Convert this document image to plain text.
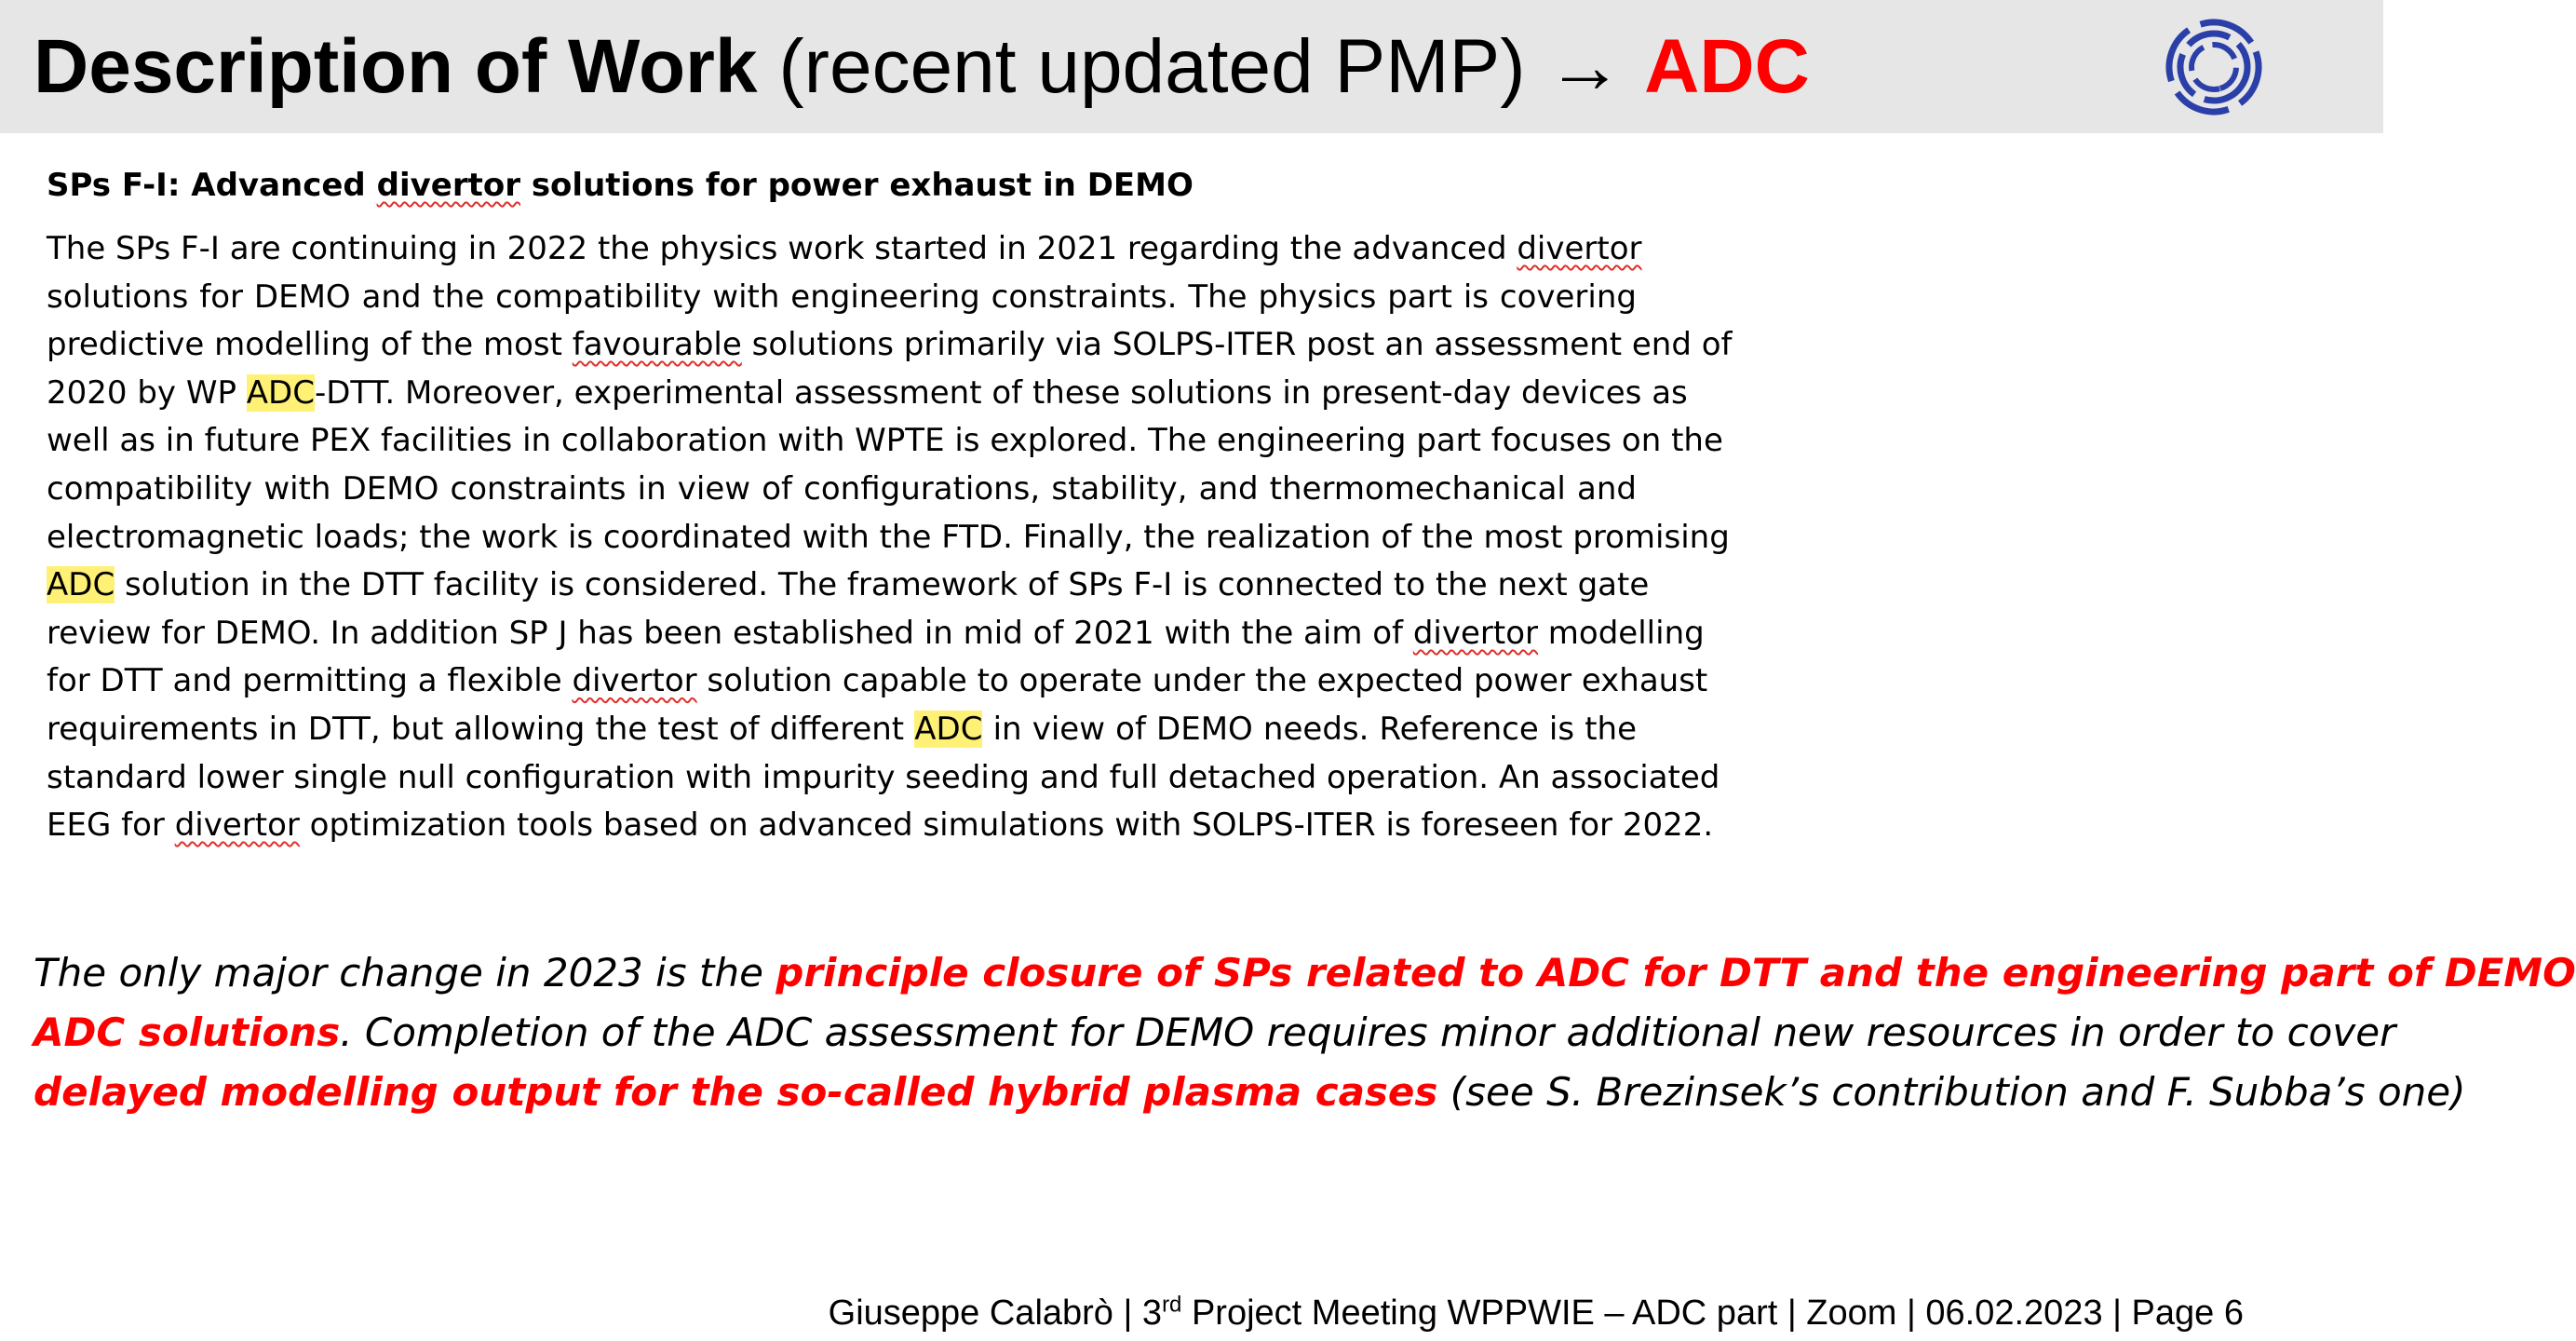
Description of Work (recent updated PMP) → ADC
SPs F-I: Advanced divertor solutions for power exhaust in DEMO
The SPs F-I are continuing in 2022 the physics work started in 2021 regarding the advanced divertor
solutions for DEMO and the compatibility with engineering constraints. The physics part is covering
predictive modelling of the most favourable solutions primarily via SOLPS-ITER post an assessment end of
2020 by WP ADC-DTT. Moreover, experimental assessment of these solutions in present-day devices as
well as in future PEX facilities in collaboration with WPTE is explored. The engineering part focuses on the
compatibility with DEMO constraints in view of configurations, stability, and thermomechanical and
electromagnetic loads; the work is coordinated with the FTD. Finally, the realization of the most promising
ADC solution in the DTT facility is considered. The framework of SPs F-I is connected to the next gate
review for DEMO. In addition SP J has been established in mid of 2021 with the aim of divertor modelling
for DTT and permitting a flexible divertor solution capable to operate under the expected power exhaust
requirements in DTT, but allowing the test of different ADC in view of DEMO needs. Reference is the
standard lower single null configuration with impurity seeding and full detached operation. An associated
EEG for divertor optimization tools based on advanced simulations with SOLPS-ITER is foreseen for 2022.
The only major change in 2023 is the principle closure of SPs related to ADC for DTT and the engineering part of DEMO
ADC solutions. Completion of the ADC assessment for DEMO requires minor additional new resources in order to cover
delayed modelling output for the so-called hybrid plasma cases (see S. Brezinsek’s contribution and F. Subba’s one)
Giuseppe Calabrò | 3rd Project Meeting WPPWIE – ADC part | Zoom | 06.02.2023 | Page 6
